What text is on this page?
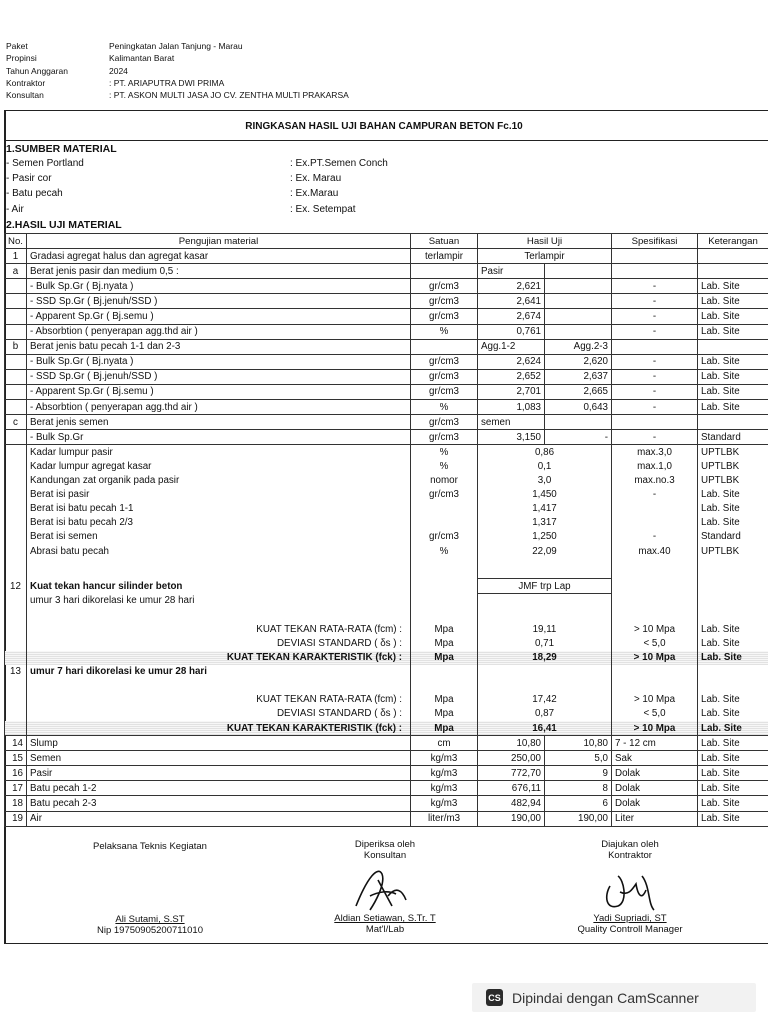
Paket	Peningkatan Jalan Tanjung - Marau
Propinsi	Kalimantan Barat
Tahun Anggaran	2024
Kontraktor	: PT. ARIAPUTRA DWI PRIMA
Konsultan	: PT. ASKON MULTI JASA JO CV. ZENTHA MULTI PRAKARSA
RINGKASAN HASIL UJI BAHAN CAMPURAN BETON Fc.10
1.SUMBER MATERIAL
- Semen Portland	: Ex.PT.Semen Conch
- Pasir cor	: Ex. Marau
- Batu pecah	: Ex.Marau
- Air	: Ex. Setempat
2.HASIL UJI MATERIAL
No.	Pengujian material	Satuan	Hasil Uji		Spesifikasi	Keterangan
1	Gradasi agregat halus dan agregat kasar	terlampir	Terlampir			
a	Berat jenis pasir dan medium 0,5 :		Pasir			
	- Bulk Sp.Gr ( Bj.nyata )	gr/cm3	2,621		-	Lab. Site
	- SSD Sp.Gr ( Bj.jenuh/SSD )	gr/cm3	2,641		-	Lab. Site
	- Apparent Sp.Gr ( Bj.semu )	gr/cm3	2,674		-	Lab. Site
	- Absorbtion ( penyerapan agg.thd air )	%	0,761		-	Lab. Site
b	Berat jenis batu pecah 1-1 dan 2-3		Agg.1-2	Agg.2-3		
	- Bulk Sp.Gr ( Bj.nyata )	gr/cm3	2,624	2,620	-	Lab. Site
	- SSD Sp.Gr ( Bj.jenuh/SSD )	gr/cm3	2,652	2,637	-	Lab. Site
	- Apparent Sp.Gr ( Bj.semu )	gr/cm3	2,701	2,665	-	Lab. Site
	- Absorbtion ( penyerapan agg.thd air )	%	1,083	0,643	-	Lab. Site
c	Berat jenis semen	gr/cm3	semen			
	- Bulk Sp.Gr	gr/cm3	3,150	-	-	Standard
	Kadar lumpur pasir	%	0,86		max.3,0	UPTLBK
	Kadar lumpur agregat kasar	%	0,1		max.1,0	UPTLBK
	Kandungan zat organik pada pasir	nomor	3,0		max.no.3	UPTLBK
	Berat isi pasir	gr/cm3	1,450		-	Lab. Site
	Berat isi batu pecah 1-1		1,417			Lab. Site
	Berat isi batu pecah 2/3		1,317			Lab. Site
	Berat isi semen	gr/cm3	1,250		-	Standard
	Abrasi batu pecah	%	22,09		max.40	UPTLBK

12	Kuat tekan hancur silinder beton		JMF trp Lap			
	umur 3 hari dikorelasi ke umur 28 hari					

	KUAT TEKAN RATA-RATA (fcm) :	Mpa	19,11		> 10 Mpa	Lab. Site
	DEVIASI STANDARD ( δs ) :	Mpa	0,71		< 5,0	Lab. Site
	KUAT TEKAN KARAKTERISTIK (fck) :	Mpa	18,29		> 10 Mpa	Lab. Site
13	umur 7 hari dikorelasi ke umur 28 hari					

	KUAT TEKAN RATA-RATA (fcm) :	Mpa	17,42		> 10 Mpa	Lab. Site
	DEVIASI STANDARD ( δs ) :	Mpa	0,87		< 5,0	Lab. Site
	KUAT TEKAN KARAKTERISTIK (fck) :	Mpa	16,41		> 10 Mpa	Lab. Site
14	Slump	cm	10,80	10,80	7 - 12 cm	Lab. Site
15	Semen	kg/m3	250,00	5,0	Sak	Lab. Site
16	Pasir	kg/m3	772,70	9	Dolak	Lab. Site
17	Batu pecah 1-2	kg/m3	676,11	8	Dolak	Lab. Site
18	Batu pecah 2-3	kg/m3	482,94	6	Dolak	Lab. Site
19	Air	liter/m3	190,00	190,00	Liter	Lab. Site
Pelaksana Teknis Kegiatan
Ali Sutami, S.ST
Nip 19750905200711010
Diperiksa oleh
Konsultan
Aldian Setiawan, S.Tr. T
Mat'l/Lab
Diajukan oleh
Kontraktor
Yadi Supriadi, ST
Quality Controll Manager
CS Dipindai dengan CamScanner
